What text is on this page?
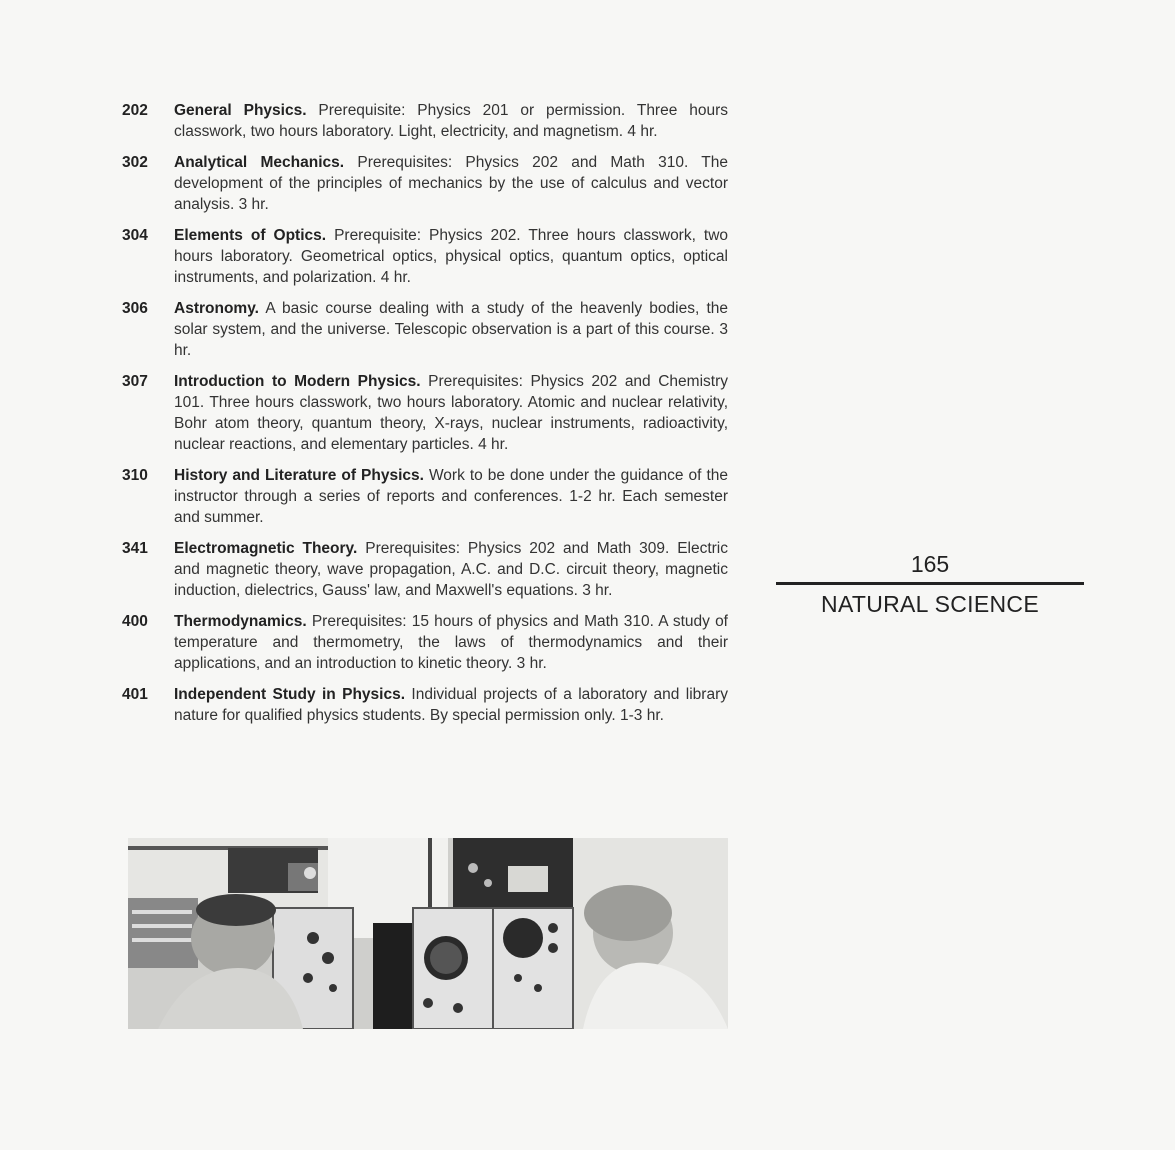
202	General Physics. Prerequisite: Physics 201 or permission. Three hours classwork, two hours laboratory. Light, electricity, and magnetism. 4 hr.
302	Analytical Mechanics. Prerequisites: Physics 202 and Math 310. The development of the principles of mechanics by the use of calculus and vector analysis. 3 hr.
304	Elements of Optics. Prerequisite: Physics 202. Three hours classwork, two hours laboratory. Geometrical optics, physical optics, quantum optics, optical instruments, and polarization. 4 hr.
306	Astronomy. A basic course dealing with a study of the heavenly bodies, the solar system, and the universe. Telescopic observation is a part of this course. 3 hr.
307	Introduction to Modern Physics. Prerequisites: Physics 202 and Chemistry 101. Three hours classwork, two hours laboratory. Atomic and nuclear relativity, Bohr atom theory, quantum theory, X-rays, nuclear instruments, radioactivity, nuclear reactions, and elementary particles. 4 hr.
310	History and Literature of Physics. Work to be done under the guidance of the instructor through a series of reports and conferences. 1-2 hr. Each semester and summer.
341	Electromagnetic Theory. Prerequisites: Physics 202 and Math 309. Electric and magnetic theory, wave propagation, A.C. and D.C. circuit theory, magnetic induction, dielectrics, Gauss' law, and Maxwell's equations. 3 hr.
400	Thermodynamics. Prerequisites: 15 hours of physics and Math 310. A study of temperature and thermometry, the laws of thermodynamics and their applications, and an introduction to kinetic theory. 3 hr.
401	Independent Study in Physics. Individual projects of a laboratory and library nature for qualified physics students. By special permission only. 1-3 hr.
165
NATURAL SCIENCE
